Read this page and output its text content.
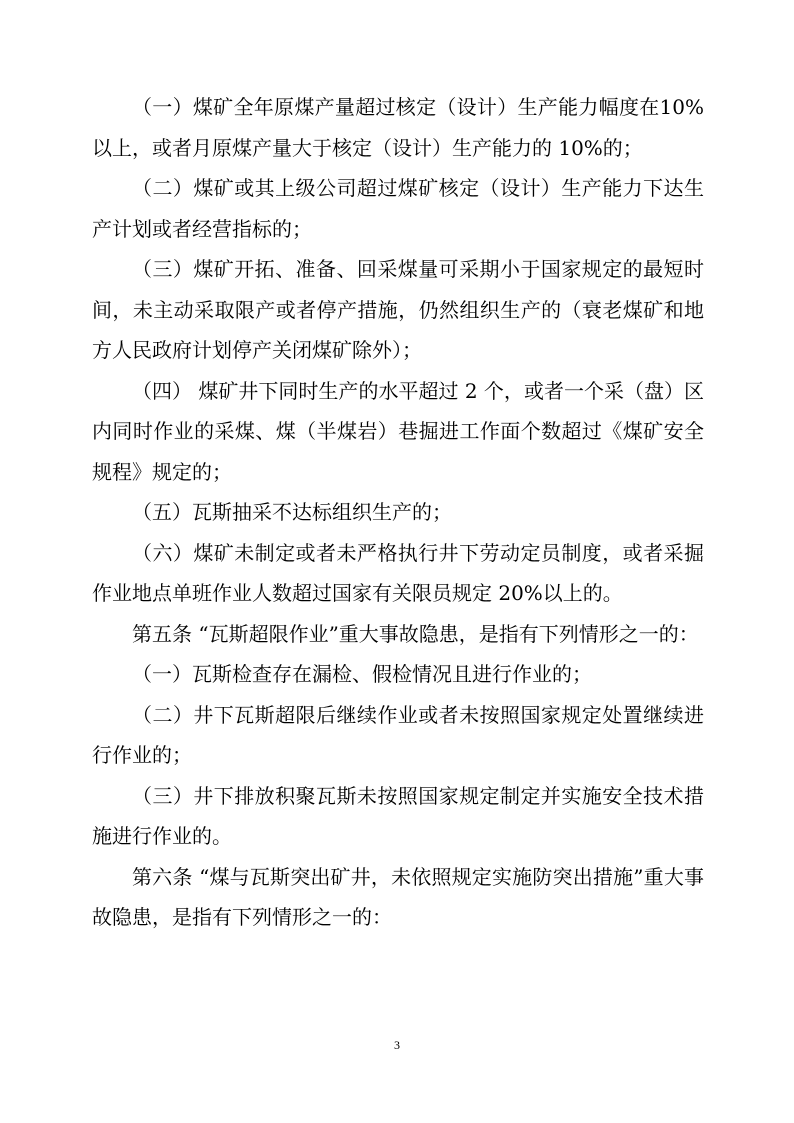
（一）煤矿全年原煤产量超过核定（设计）生产能力幅度在10%以上，或者月原煤产量大于核定（设计）生产能力的 10%的；

（二）煤矿或其上级公司超过煤矿核定（设计）生产能力下达生产计划或者经营指标的；

（三）煤矿开拓、准备、回采煤量可采期小于国家规定的最短时间，未主动采取限产或者停产措施，仍然组织生产的（衰老煤矿和地方人民政府计划停产关闭煤矿除外）；

（四） 煤矿井下同时生产的水平超过 2 个，或者一个采（盘）区内同时作业的采煤、煤（半煤岩）巷掘进工作面个数超过《煤矿安全规程》规定的；

（五）瓦斯抽采不达标组织生产的；

（六）煤矿未制定或者未严格执行井下劳动定员制度，或者采掘作业地点单班作业人数超过国家有关限员规定 20%以上的。

第五条 “瓦斯超限作业”重大事故隐患，是指有下列情形之一的：

（一）瓦斯检查存在漏检、假检情况且进行作业的；

（二）井下瓦斯超限后继续作业或者未按照国家规定处置继续进行作业的；

（三）井下排放积聚瓦斯未按照国家规定制定并实施安全技术措施进行作业的。

第六条 “煤与瓦斯突出矿井，未依照规定实施防突出措施”重大事故隐患，是指有下列情形之一的：

3
